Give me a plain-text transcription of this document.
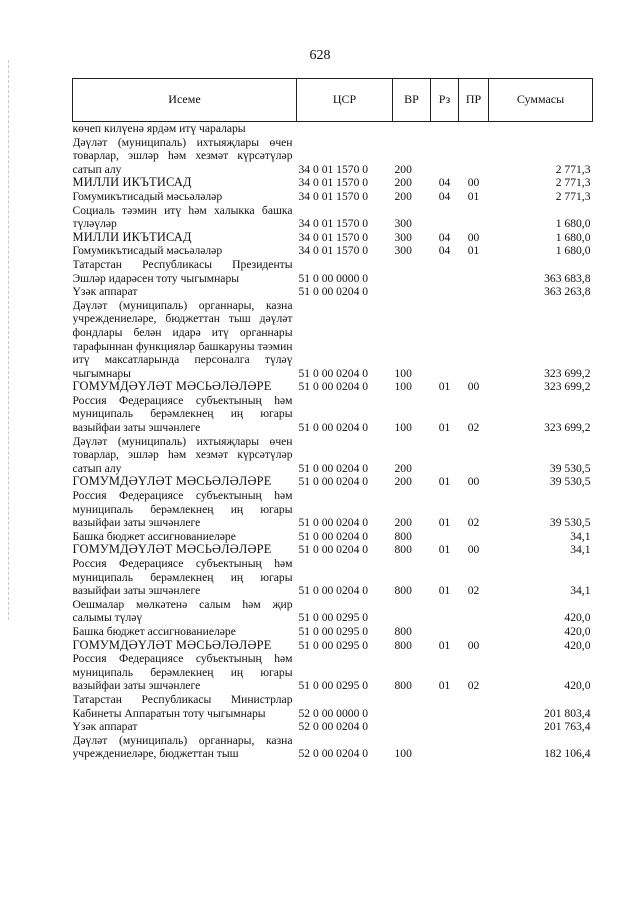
628
Исеме	ЦСР	ВР	Рз	ПР	Суммасы
көчеп килүенә ярдәм итү чаралары					
Дәүләт (муниципаль) ихтыяҗлары өчен товарлар, эшләр һәм хезмәт күрсәтүләр сатып алу	34 0 01 1570 0	200			2 771,3
МИЛЛИ ИКЪТИСАД	34 0 01 1570 0	200	04	00	2 771,3
Гомумикътисадый мәсьәләләр	34 0 01 1570 0	200	04	01	2 771,3
Социаль тәэмин итү һәм халыкка башка түләүләр	34 0 01 1570 0	300			1 680,0
МИЛЛИ ИКЪТИСАД	34 0 01 1570 0	300	04	00	1 680,0
Гомумикътисадый мәсьәләләр	34 0 01 1570 0	300	04	01	1 680,0
Татарстан Республикасы Президенты Эшләр идарәсен тоту чыгымнары	51 0 00 0000 0				363 683,8
Үзәк аппарат	51 0 00 0204 0				363 263,8
Дәүләт (муниципаль) органнары, казна учреждениеләре, бюджеттан тыш дәүләт фондлары белән идарә итү органнары тарафыннан функцияләр башкаруны тәэмин итү максатларында персоналга түләү чыгымнары	51 0 00 0204 0	100			323 699,2
ГОМУМДӘҮЛӘТ МӘСЬӘЛӘЛӘРЕ	51 0 00 0204 0	100	01	00	323 699,2
Россия Федерациясе субъектының һәм муниципаль берәмлекнең иң югары вазыйфаи заты эшчәнлеге	51 0 00 0204 0	100	01	02	323 699,2
Дәүләт (муниципаль) ихтыяҗлары өчен товарлар, эшләр һәм хезмәт күрсәтүләр сатып алу	51 0 00 0204 0	200			39 530,5
ГОМУМДӘҮЛӘТ МӘСЬӘЛӘЛӘРЕ	51 0 00 0204 0	200	01	00	39 530,5
Россия Федерациясе субъектының һәм муниципаль берәмлекнең иң югары вазыйфаи заты эшчәнлеге	51 0 00 0204 0	200	01	02	39 530,5
Башка бюджет ассигнованиеләре	51 0 00 0204 0	800			34,1
ГОМУМДӘҮЛӘТ МӘСЬӘЛӘЛӘРЕ	51 0 00 0204 0	800	01	00	34,1
Россия Федерациясе субъектының һәм муниципаль берәмлекнең иң югары вазыйфаи заты эшчәнлеге	51 0 00 0204 0	800	01	02	34,1
Оешмалар мөлкәтенә салым һәм җир салымы түләү	51 0 00 0295 0				420,0
Башка бюджет ассигнованиеләре	51 0 00 0295 0	800			420,0
ГОМУМДӘҮЛӘТ МӘСЬӘЛӘЛӘРЕ	51 0 00 0295 0	800	01	00	420,0
Россия Федерациясе субъектының һәм муниципаль берәмлекнең иң югары вазыйфаи заты эшчәнлеге	51 0 00 0295 0	800	01	02	420,0
Татарстан Республикасы Министрлар Кабинеты Аппаратын тоту чыгымнары	52 0 00 0000 0				201 803,4
Үзәк аппарат	52 0 00 0204 0				201 763,4
Дәүләт (муниципаль) органнары, казна учреждениеләре, бюджеттан тыш	52 0 00 0204 0	100			182 106,4
